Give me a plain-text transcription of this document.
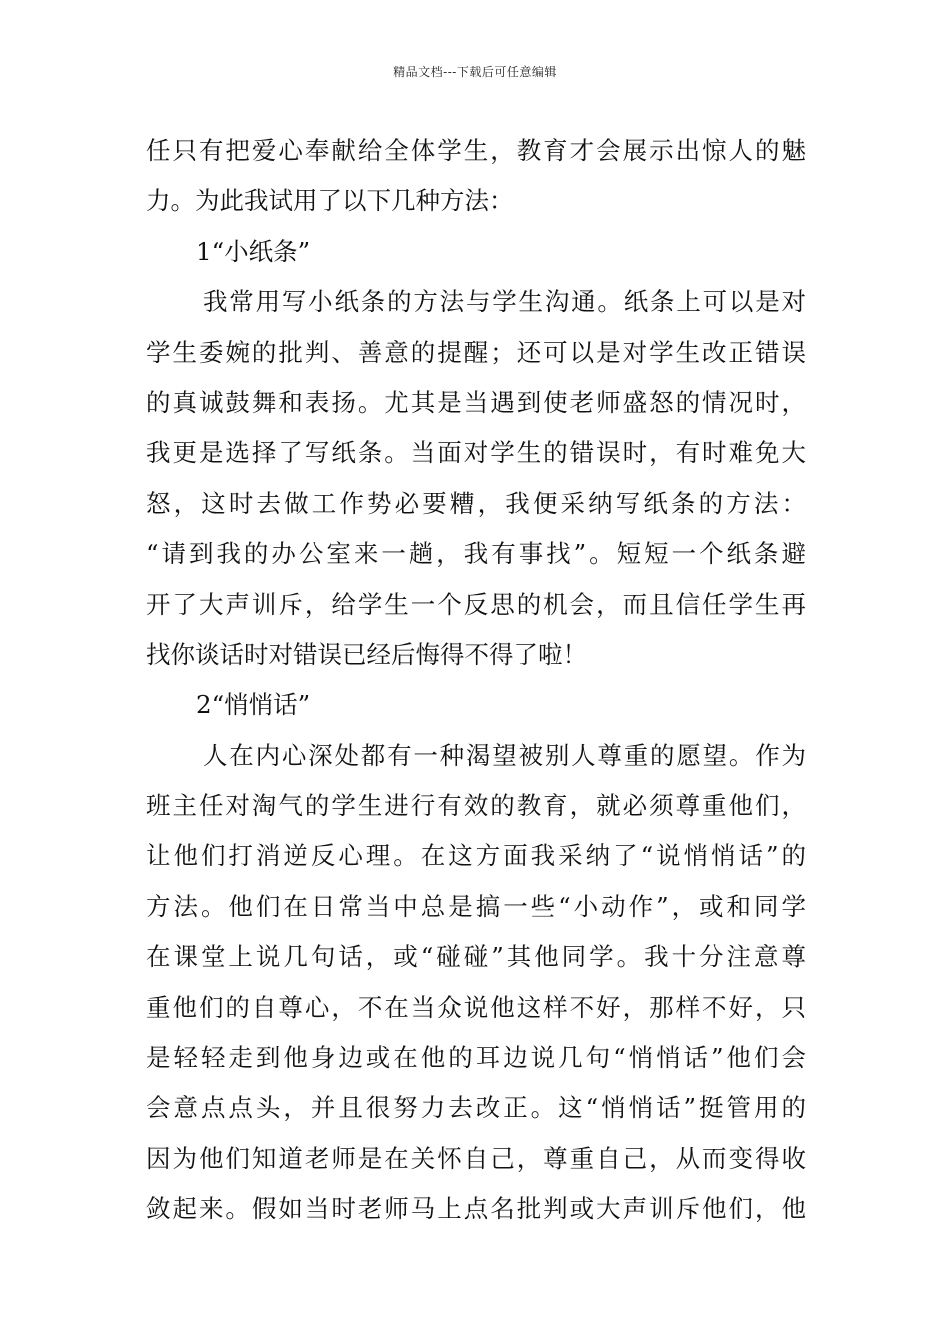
精品文档---下载后可任意编辑
任只有把爱心奉献给全体学生，教育才会展示出惊人的魅
力。为此我试用了以下几种方法：
1“小纸条”
我常用写小纸条的方法与学生沟通。纸条上可以是对
学生委婉的批判、善意的提醒；还可以是对学生改正错误
的真诚鼓舞和表扬。尤其是当遇到使老师盛怒的情况时，
我更是选择了写纸条。当面对学生的错误时，有时难免大
怒，这时去做工作势必要糟，我便采纳写纸条的方法：
“请到我的办公室来一趟，我有事找”。短短一个纸条避
开了大声训斥，给学生一个反思的机会，而且信任学生再
找你谈话时对错误已经后悔得不得了啦！
2“悄悄话”
人在内心深处都有一种渴望被别人尊重的愿望。作为
班主任对淘气的学生进行有效的教育，就必须尊重他们，
让他们打消逆反心理。在这方面我采纳了“说悄悄话”的
方法。他们在日常当中总是搞一些“小动作”，或和同学
在课堂上说几句话，或“碰碰”其他同学。我十分注意尊
重他们的自尊心，不在当众说他这样不好，那样不好，只
是轻轻走到他身边或在他的耳边说几句“悄悄话”他们会
会意点点头，并且很努力去改正。这“悄悄话”挺管用的
因为他们知道老师是在关怀自己，尊重自己，从而变得收
敛起来。假如当时老师马上点名批判或大声训斥他们，他
